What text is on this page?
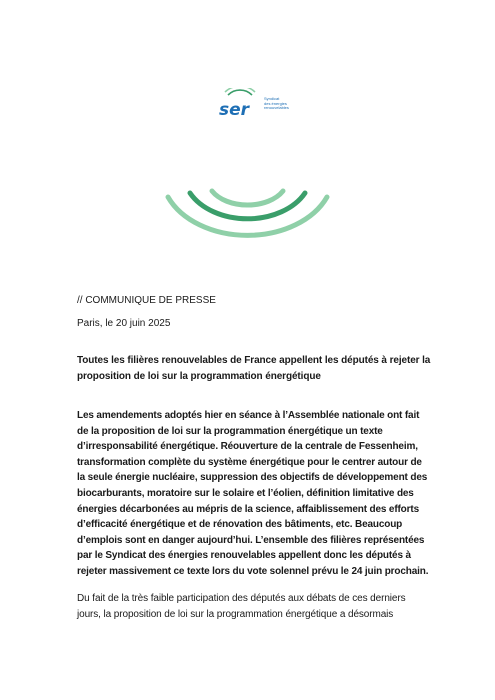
ser
Syndicat
des énergies
renouvelables
// COMMUNIQUE DE PRESSE
Paris, le 20 juin 2025
Toutes les filières renouvelables de France appellent les députés à rejeter la
proposition de loi sur la programmation énergétique
Les amendements adoptés hier en séance à l’Assemblée nationale ont fait
de la proposition de loi sur la programmation énergétique un texte
d’irresponsabilité énergétique. Réouverture de la centrale de Fessenheim,
transformation complète du système énergétique pour le centrer autour de
la seule énergie nucléaire, suppression des objectifs de développement des
biocarburants, moratoire sur le solaire et l’éolien, définition limitative des
énergies décarbonées au mépris de la science, affaiblissement des efforts
d’efficacité énergétique et de rénovation des bâtiments, etc. Beaucoup
d’emplois sont en danger aujourd’hui. L’ensemble des filières représentées
par le Syndicat des énergies renouvelables appellent donc les députés à
rejeter massivement ce texte lors du vote solennel prévu le 24 juin prochain.
Du fait de la très faible participation des députés aux débats de ces derniers
jours, la proposition de loi sur la programmation énergétique a désormais
